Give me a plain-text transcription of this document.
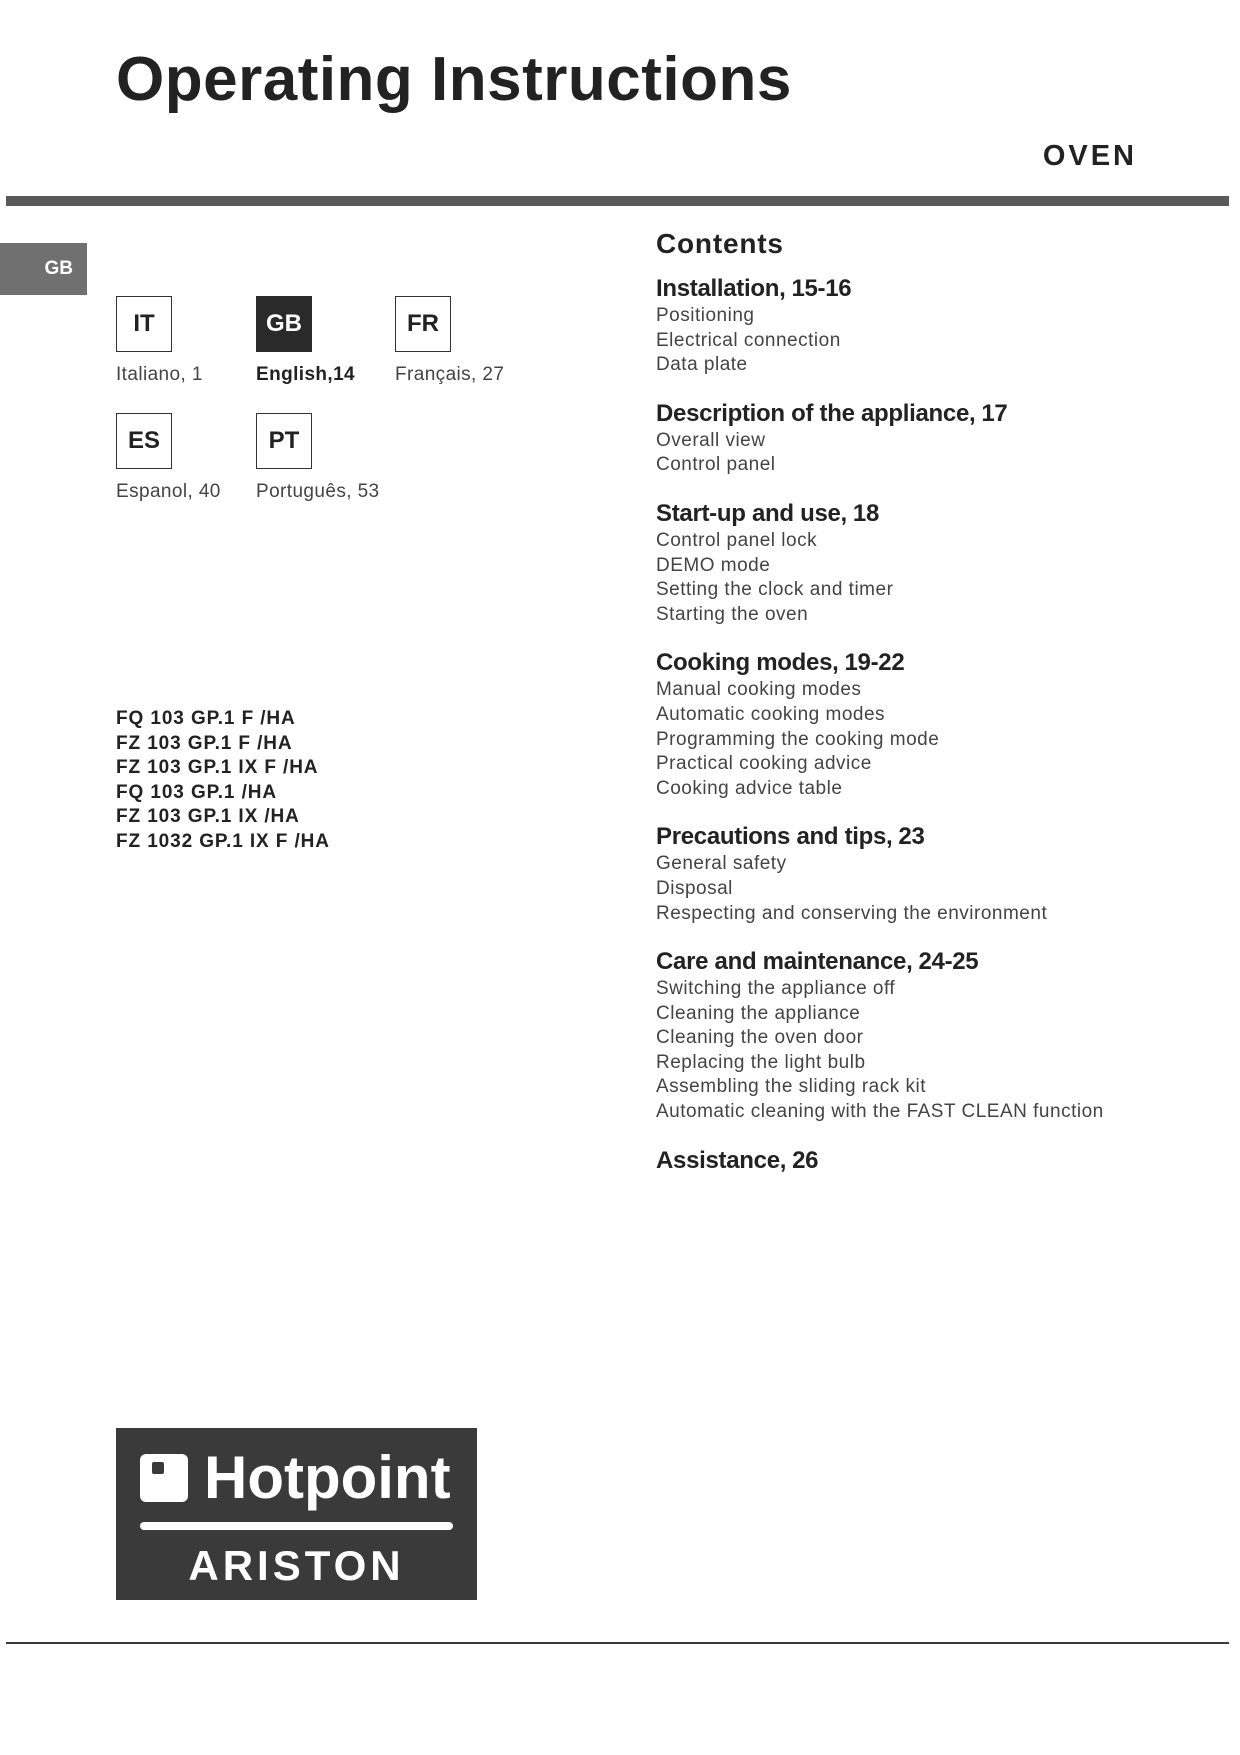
Operating Instructions
OVEN
GB
IT
Italiano, 1
GB
English,14
FR
Français, 27
ES
Espanol, 40
PT
Português, 53
FQ 103 GP.1 F /HA
FZ 103 GP.1 F /HA
FZ 103 GP.1 IX F /HA
FQ 103 GP.1 /HA
FZ 103 GP.1 IX /HA
FZ 1032 GP.1 IX F /HA
Contents
Installation, 15-16
Positioning
Electrical connection
Data plate
Description of the appliance, 17
Overall view
Control panel
Start-up and use, 18
Control panel lock
DEMO mode
Setting the clock and timer
Starting the oven
Cooking modes, 19-22
Manual cooking modes
Automatic cooking modes
Programming the cooking mode
Practical cooking advice
Cooking advice table
Precautions and tips, 23
General safety
Disposal
Respecting and conserving the environment
Care and maintenance, 24-25
Switching the appliance off
Cleaning the appliance
Cleaning the oven door
Replacing the light bulb
Assembling the sliding rack kit
Automatic cleaning with the FAST CLEAN function
Assistance, 26
Hotpoint
ARISTON
